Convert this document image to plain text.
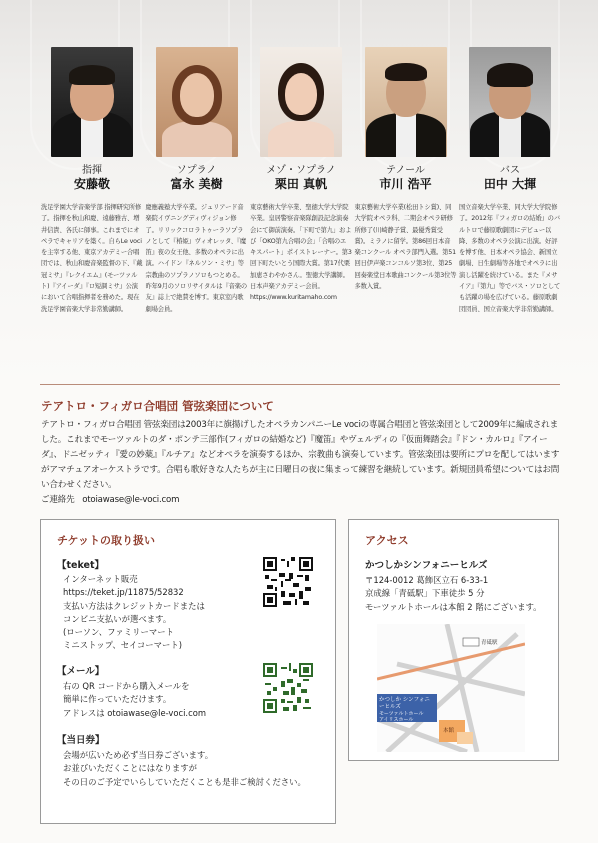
指揮
安藤敬
洗足学園大学音楽学部 指揮研究所修了。指揮を秋山和慶、遠藤雅古、増井信貴、各氏に師事。これまでにオペラでキャリアを築く。自らLe vociを主宰する他、東京アカデミー合唱団では、秋山和慶音楽監督の下、『戴冠ミサ』『レクイエム』(モーツァルト)『アイーダ』『ロ短調ミサ』公演において合唱指揮者を務めた。現在洗足学園音楽大学非常勤講師。
ソプラノ
富永 美樹
慶應義塾大学卒業。ジュリアード音楽院イヴニングディヴィジョン修了。リリックコロラトゥーラソプラノとして『椿姫』ヴィオレッタ、『魔笛』夜の女王他、多数のオペラに出演。ハイドン『ネルソン・ミサ』等宗教曲のソプラノソロもつとめる。昨年9月のソロリサイタルは『音楽の友』誌上で絶賛を博す。東京室内歌劇場会員。
メゾ・ソプラノ
栗田 真帆
東京藝術大学卒業、聖徳大学大学院卒業。皇居警察音楽隊創設記念演奏会にて御前演奏。「下町で第九」および「OKO第九合唱の会」「合唱のエキスパート」ポイストレーナー。第3回下町たいとう国際大賞。第17代栗加恵さわやかさん。聖徳大学講師。日本声楽アカデミー会員。https://www.kuritamaho.com
テノール
市川 浩平
東京藝術大学卒業(松田トシ賞)、同大学院オペラ科、二期会オペラ研修所修了(川崎静子賞、最優秀賞受賞)。ミラノに留学。第86回日本音楽コンクール オペラ部門入選。第51回日伊声楽コンコルソ第3位、第25回奏楽堂日本歌曲コンクール第3位等多数入賞。
バス
田中 大揮
国立音楽大学卒業、同大学大学院修了。2012年『フィガロの結婚』のバルトロで藤原歌劇団にデビュー以降、多数のオペラ公演に出演。好評を博す他、日本オペラ協会、新国立劇場、日生劇場等各地でオペラに出演し活躍を続けている。また『メサイア』『第九』等でバス・ソロとしても活躍の場を広げている。藤原歌劇団団員、国立音楽大学非常勤講師。
テアトロ・フィガロ合唱団 管弦楽団について
テアトロ・フィガロ合唱団 管弦楽団は2003年に旗揚げしたオペラカンパニーLe vociの専属合唱団と管弦楽団として2009年に編成されました。これまでモーツァルトのダ・ポンテ三部作(フィガロの結婚など)『魔笛』やヴェルディの『仮面舞踏会』『ドン・カルロ』『アイーダ』、ドニゼッティ『愛の妙薬』『ルチア』などオペラを演奏するほか、宗教曲も演奏しています。管弦楽団は要所にプロを配してはいますがアマチュアオーケストラです。合唱も歌好きな人たちが主に日曜日の夜に集まって練習を継続しています。新規団員希望についてはお問い合わせください。
ご連絡先 otoiawase@le-voci.com
チケットの取り扱い
【teket】
インターネット販売
https://teket.jp/11875/52832
支払い方法はクレジットカードまたは
コンビニ支払いが選べます。
(ローソン、ファミリーマート
ミニストップ、セイコーマート)
【メール】
右の QR コードから購入メールを
簡単に作っていただけます。
アドレスは otoiawase@le-voci.com
【当日券】
会場が広いため必ず当日券ございます。
お並びいただくことにはなりますが
その日のご予定でいらしていただくことも是非ご検討ください。
アクセス
かつしかシンフォニーヒルズ
〒124-0012 葛飾区立石 6-33-1
京成線「青砥駅」下車徒歩 5 分
モーツァルトホールは本館 2 階にございます。
かつしか シンフォニーヒルズ
モーツァルトホール
アイリスホール
青砥駅
本館
